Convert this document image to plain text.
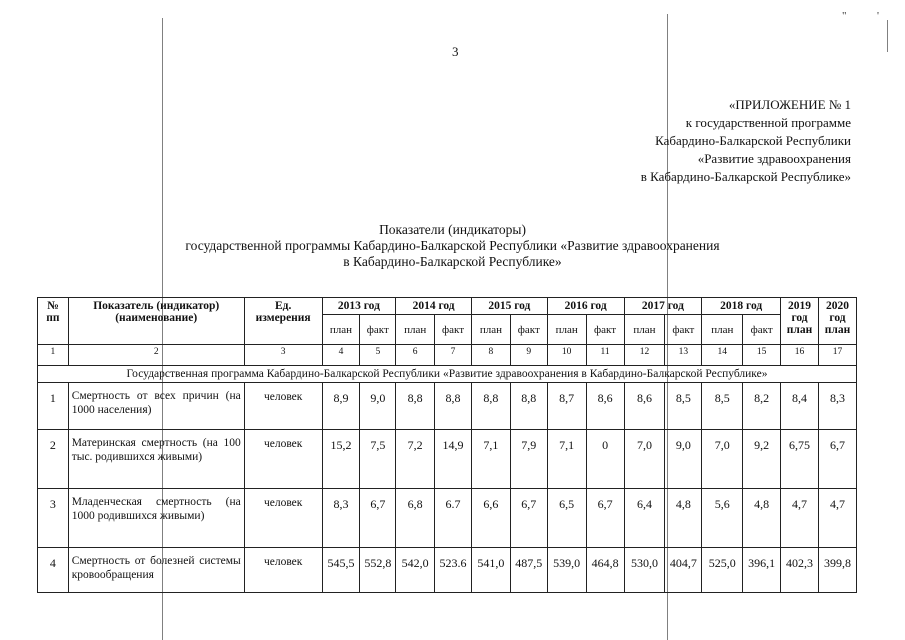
"	'
3
«ПРИЛОЖЕНИЕ № 1
к государственной программе
Кабардино-Балкарской Республики
«Развитие здравоохранения
в Кабардино-Балкарской Республике»
Показатели (индикаторы)
государственной программы Кабардино-Балкарской Республики «Развитие здравоохранения
в Кабардино-Балкарской Республике»
№ пп	Показатель (индикатор) (наименование)	Ед. измерения	2013 год		2014 год		2015 год		2016 год		2017 год		2018 год		2019 год план	2020 год план
			план	факт	план	факт	план	факт	план	факт	план	факт	план	факт		
1	2	3	4	5	6	7	8	9	10	11	12	13	14	15	16	17
Государственная программа Кабардино-Балкарской Республики «Развитие здравоохранения в Кабардино-Балкарской Республике»																
1	Смертность от всех причин (на 1000 населения)	человек	8,9	9,0	8,8	8,8	8,8	8,8	8,7	8,6	8,6	8,5	8,5	8,2	8,4	8,3
2	Материнская смертность (на 100 тыс. родившихся живыми)	человек	15,2	7,5	7,2	14,9	7,1	7,9	7,1	0	7,0	9,0	7,0	9,2	6,75	6,7
3	Младенческая смертность (на 1000 родившихся живыми)	человек	8,3	6,7	6,8	6.7	6,6	6,7	6,5	6,7	6,4	4,8	5,6	4,8	4,7	4,7
4	Смертность от болезней системы кровообращения	человек	545,5	552,8	542,0	523.6	541,0	487,5	539,0	464,8	530,0	404,7	525,0	396,1	402,3	399,8
